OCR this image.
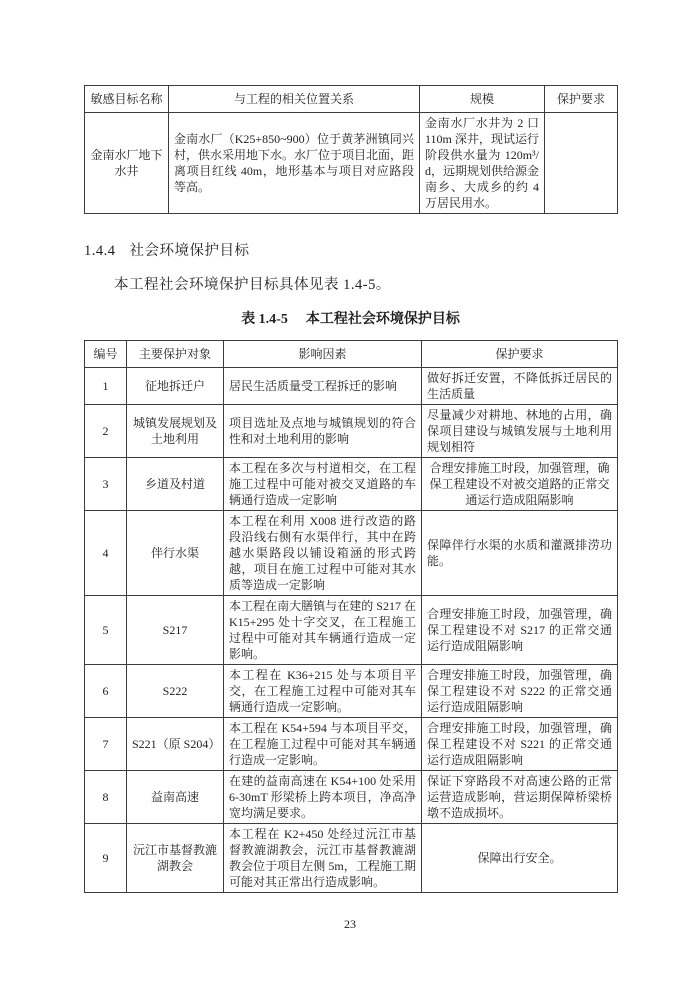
敏感目标名称	与工程的相关位置关系	规模	保护要求
金南水厂地下水井	金南水厂（K25+850~900）位于黄茅洲镇同兴村，供水采用地下水。水厂位于项目北面，距离项目红线 40m，地形基本与项目对应路段等高。	金南水厂水井为 2 口 110m 深井，现试运行阶段供水量为 120m³/d，远期规划供给源金南乡、大成乡的约 4 万居民用水。	
1.4.4 社会环境保护目标

本工程社会环境保护目标具体见表 1.4-5。

表 1.4-5 本工程社会环境保护目标
编号	主要保护对象	影响因素	保护要求
1	征地拆迁户	居民生活质量受工程拆迁的影响	做好拆迁安置，不降低拆迁居民的生活质量
2	城镇发展规划及土地利用	项目选址及点地与城镇规划的符合性和对土地利用的影响	尽量减少对耕地、林地的占用，确保项目建设与城镇发展与土地利用规划相符
3	乡道及村道	本工程在多次与村道相交，在工程施工过程中可能对被交叉道路的车辆通行造成一定影响	合理安排施工时段，加强管理，确保工程建设不对被交道路的正常交通运行造成阻隔影响
4	伴行水渠	本工程在利用 X008 进行改造的路段沿线右侧有水渠伴行，其中在跨越水渠路段以铺设箱涵的形式跨越，项目在施工过程中可能对其水质等造成一定影响	保障伴行水渠的水质和灌溉排涝功能。
5	S217	本工程在南大膳镇与在建的 S217 在 K15+295 处十字交叉，在工程施工过程中可能对其车辆通行造成一定影响。	合理安排施工时段，加强管理，确保工程建设不对 S217 的正常交通运行造成阻隔影响
6	S222	本工程在 K36+215 处与本项目平交，在工程施工过程中可能对其车辆通行造成一定影响。	合理安排施工时段，加强管理，确保工程建设不对 S222 的正常交通运行造成阻隔影响
7	S221（原 S204）	本工程在 K54+594 与本项目平交，在工程施工过程中可能对其车辆通行造成一定影响。	合理安排施工时段，加强管理，确保工程建设不对 S221 的正常交通运行造成阻隔影响
8	益南高速	在建的益南高速在 K54+100 处采用 6-30mT 形梁桥上跨本项目，净高净宽均满足要求。	保证下穿路段不对高速公路的正常运营造成影响，营运期保障桥梁桥墩不造成损坏。
9	沅江市基督教漉湖教会	本工程在 K2+450 处经过沅江市基督教漉湖教会，沅江市基督教漉湖教会位于项目左侧 5m，工程施工期可能对其正常出行造成影响。	保障出行安全。
23
